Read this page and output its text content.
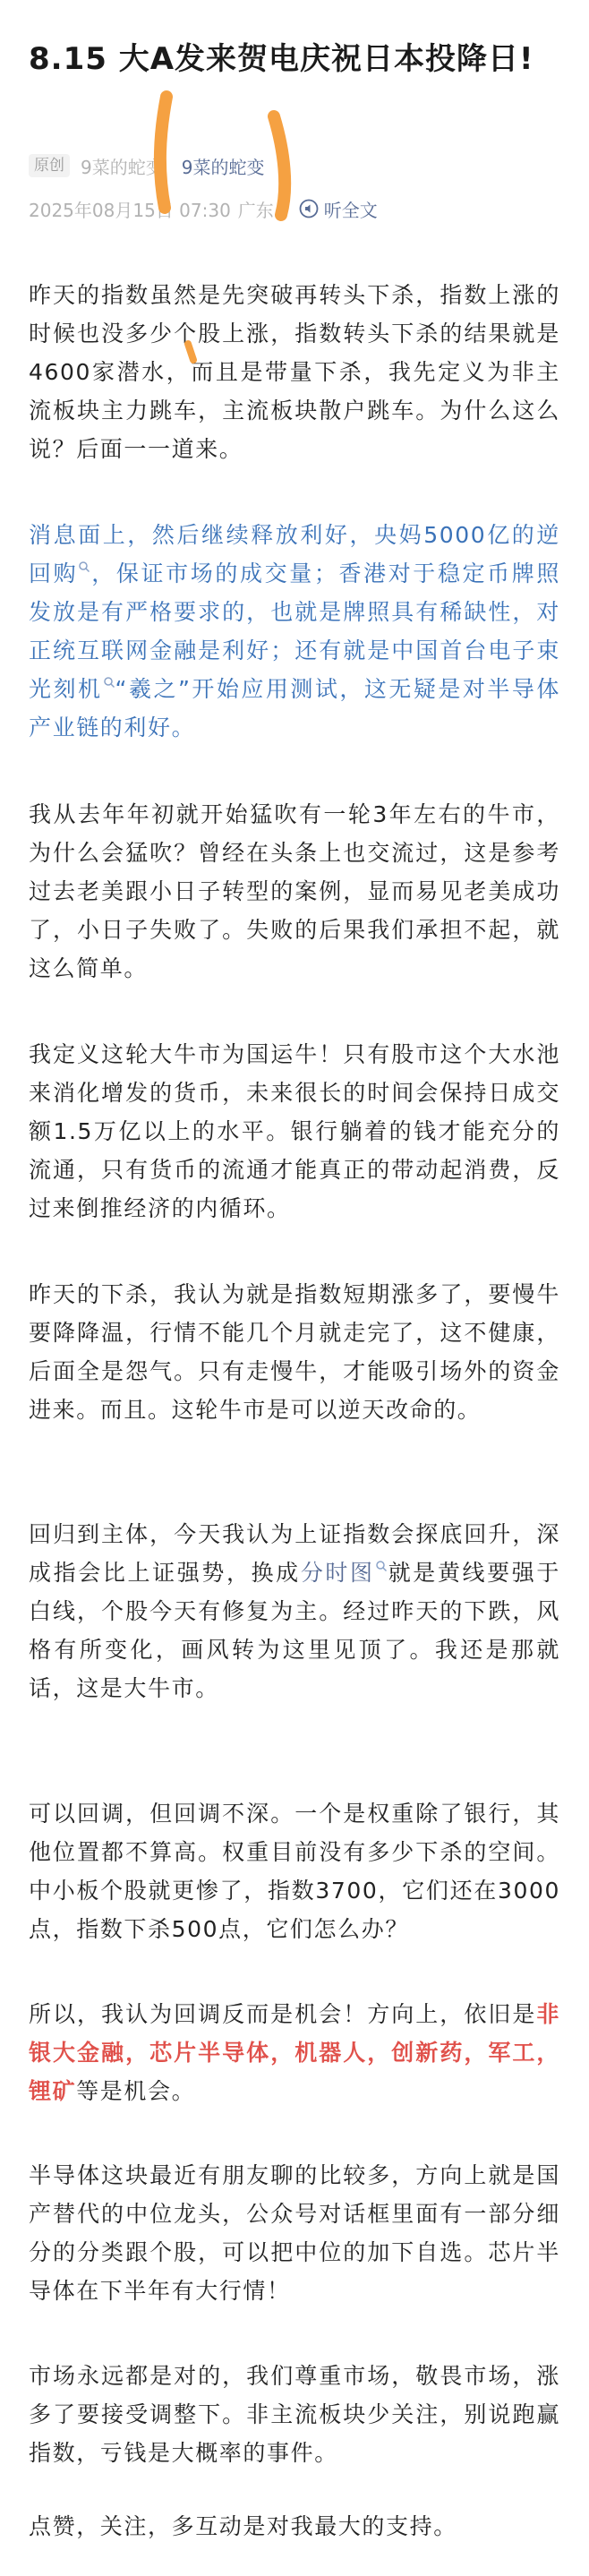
8.15 大A发来贺电庆祝日本投降日!
原创 9菜的蛇变 9菜的蛇变
2025年08月15日 07:30 广东	听全文
昨天的指数虽然是先突破再转头下杀，指数上涨的时候也没多少个股上涨，指数转头下杀的结果就是4600家潜水，而且是带量下杀，我先定义为非主流板块主力跳车，主流板块散户跳车。为什么这么说？后面一一道来。
消息面上，然后继续释放利好，央妈5000亿的逆回购 ，保证市场的成交量；香港对于稳定币牌照发放是有严格要求的，也就是牌照具有稀缺性，对正统互联网金融是利好；还有就是中国首台电子束光刻机 “羲之”开始应用测试，这无疑是对半导体产业链的利好。
我从去年年初就开始猛吹有一轮3年左右的牛市，为什么会猛吹？曾经在头条上也交流过，这是参考过去老美跟小日子转型的案例，显而易见老美成功了，小日子失败了。失败的后果我们承担不起，就这么简单。
我定义这轮大牛市为国运牛！只有股市这个大水池来消化增发的货币，未来很长的时间会保持日成交额1.5万亿以上的水平。银行躺着的钱才能充分的流通，只有货币的流通才能真正的带动起消费，反过来倒推经济的内循环。
昨天的下杀，我认为就是指数短期涨多了，要慢牛要降降温，行情不能几个月就走完了，这不健康，后面全是怨气。只有走慢牛，才能吸引场外的资金进来。而且。这轮牛市是可以逆天改命的。
回归到主体，今天我认为上证指数会探底回升，深成指会比上证强势，换成分时图 就是黄线要强于白线，个股今天有修复为主。经过昨天的下跌，风格有所变化，画风转为这里见顶了。我还是那就话，这是大牛市。
可以回调，但回调不深。一个是权重除了银行，其他位置都不算高。权重目前没有多少下杀的空间。中小板个股就更惨了，指数3700，它们还在3000点，指数下杀500点，它们怎么办？
所以，我认为回调反而是机会！方向上，依旧是非银大金融，芯片半导体，机器人，创新药，军工，锂矿等是机会。
半导体这块最近有朋友聊的比较多，方向上就是国产替代的中位龙头，公众号对话框里面有一部分细分的分类跟个股，可以把中位的加下自选。芯片半导体在下半年有大行情！
市场永远都是对的，我们尊重市场，敬畏市场，涨多了要接受调整下。非主流板块少关注，别说跑赢指数，亏钱是大概率的事件。
点赞，关注，多互动是对我最大的支持。
